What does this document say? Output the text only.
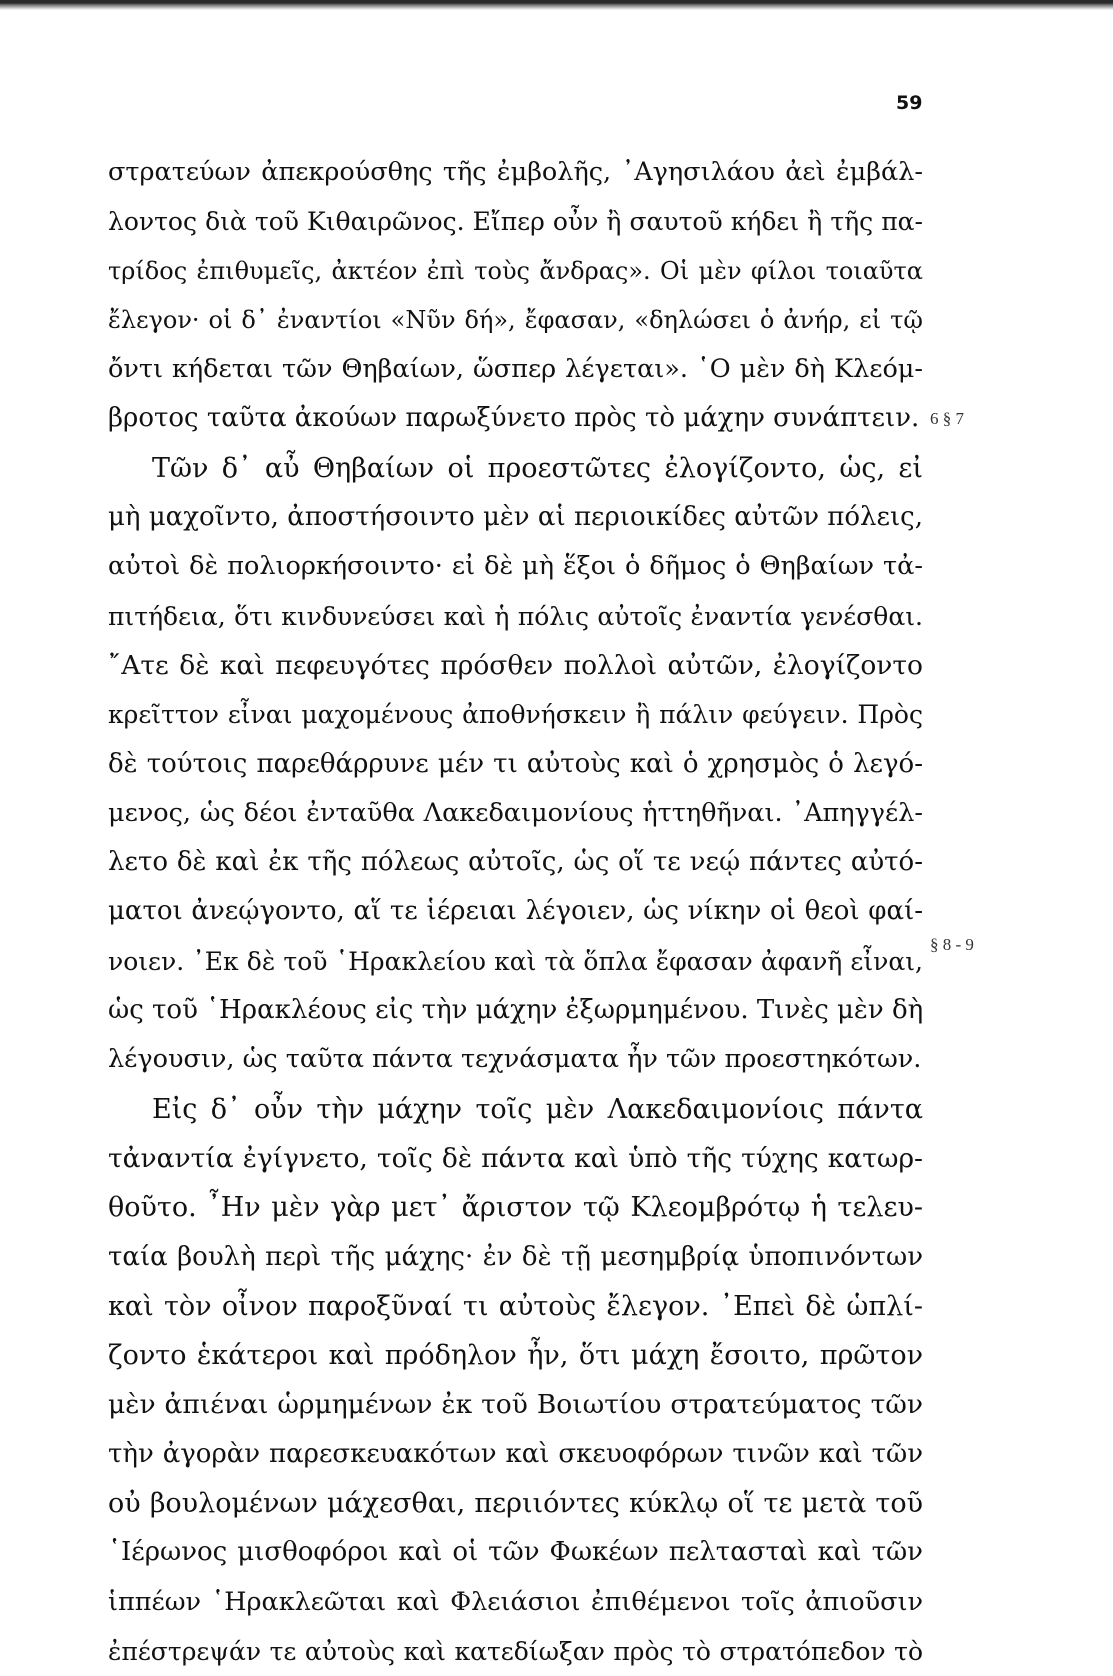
59
6 § 7
§ 8 - 9
στρατεύων ἀπεκρούσθης τῆς ἐμβολῆς, ᾿Αγησιλάου ἀεὶ ἐμβάλ-
λοντος διὰ τοῦ Κιθαιρῶνος. Εἴπερ οὖν ἢ σαυτοῦ κήδει ἢ τῆς πα-
τρίδος ἐπιθυμεῖς, ἀκτέον ἐπὶ τοὺς ἄνδρας». Οἱ μὲν φίλοι τοιαῦτα
ἔλεγον· οἱ δ᾿ ἐναντίοι «Νῦν δή», ἔφασαν, «δηλώσει ὁ ἀνήρ, εἰ τῷ
ὄντι κήδεται τῶν Θηβαίων, ὥσπερ λέγεται». ῾Ο μὲν δὴ Κλεόμ-
βροτος ταῦτα ἀκούων παρωξύνετο πρὸς τὸ μάχην συνάπτειν.
Τῶν δ᾿ αὖ Θηβαίων οἱ προεστῶτες ἐλογίζοντο, ὡς, εἰ
μὴ μαχοῖντο, ἀποστήσοιντο μὲν αἱ περιοικίδες αὐτῶν πόλεις,
αὐτοὶ δὲ πολιορκήσοιντο· εἰ δὲ μὴ ἕξοι ὁ δῆμος ὁ Θηβαίων τἀ-
πιτήδεια, ὅτι κινδυνεύσει καὶ ἡ πόλις αὐτοῖς ἐναντία γενέσθαι.
῎Ατε δὲ καὶ πεφευγότες πρόσθεν πολλοὶ αὐτῶν, ἐλογίζοντο
κρεῖττον εἶναι μαχομένους ἀποθνήσκειν ἢ πάλιν φεύγειν. Πρὸς
δὲ τούτοις παρεθάρρυνε μέν τι αὐτοὺς καὶ ὁ χρησμὸς ὁ λεγό-
μενος, ὡς δέοι ἐνταῦθα Λακεδαιμονίους ἡττηθῆναι. ᾿Απηγγέλ-
λετο δὲ καὶ ἐκ τῆς πόλεως αὐτοῖς, ὡς οἵ τε νεῴ πάντες αὐτό-
ματοι ἀνεῴγοντο, αἵ τε ἱέρειαι λέγοιεν, ὡς νίκην οἱ θεοὶ φαί-
νοιεν. ᾿Εκ δὲ τοῦ ῾Ηρακλείου καὶ τὰ ὅπλα ἔφασαν ἀφανῆ εἶναι,
ὡς τοῦ ῾Ηρακλέους εἰς τὴν μάχην ἐξωρμημένου. Τινὲς μὲν δὴ
λέγουσιν, ὡς ταῦτα πάντα τεχνάσματα ἦν τῶν προεστηκότων.
Εἰς δ᾿ οὖν τὴν μάχην τοῖς μὲν Λακεδαιμονίοις πάντα
τἀναντία ἐγίγνετο, τοῖς δὲ πάντα καὶ ὑπὸ τῆς τύχης κατωρ-
θοῦτο. ῏Ην μὲν γὰρ μετ᾿ ἄριστον τῷ Κλεομβρότῳ ἡ τελευ-
ταία βουλὴ περὶ τῆς μάχης· ἐν δὲ τῇ μεσημβρίᾳ ὑποπινόντων
καὶ τὸν οἶνον παροξῦναί τι αὐτοὺς ἔλεγον. ᾿Επεὶ δὲ ὡπλί-
ζοντο ἑκάτεροι καὶ πρόδηλον ἦν, ὅτι μάχη ἔσοιτο, πρῶτον
μὲν ἀπιέναι ὡρμημένων ἐκ τοῦ Βοιωτίου στρατεύματος τῶν
τὴν ἀγορὰν παρεσκευακότων καὶ σκευοφόρων τινῶν καὶ τῶν
οὐ βουλομένων μάχεσθαι, περιιόντες κύκλῳ οἵ τε μετὰ τοῦ
῾Ιέρωνος μισθοφόροι καὶ οἱ τῶν Φωκέων πελτασταὶ καὶ τῶν
ἱππέων ῾Ηρακλεῶται καὶ Φλειάσιοι ἐπιθέμενοι τοῖς ἀπιοῦσιν
ἐπέστρεψάν τε αὐτοὺς καὶ κατεδίωξαν πρὸς τὸ στρατόπεδον τὸ
